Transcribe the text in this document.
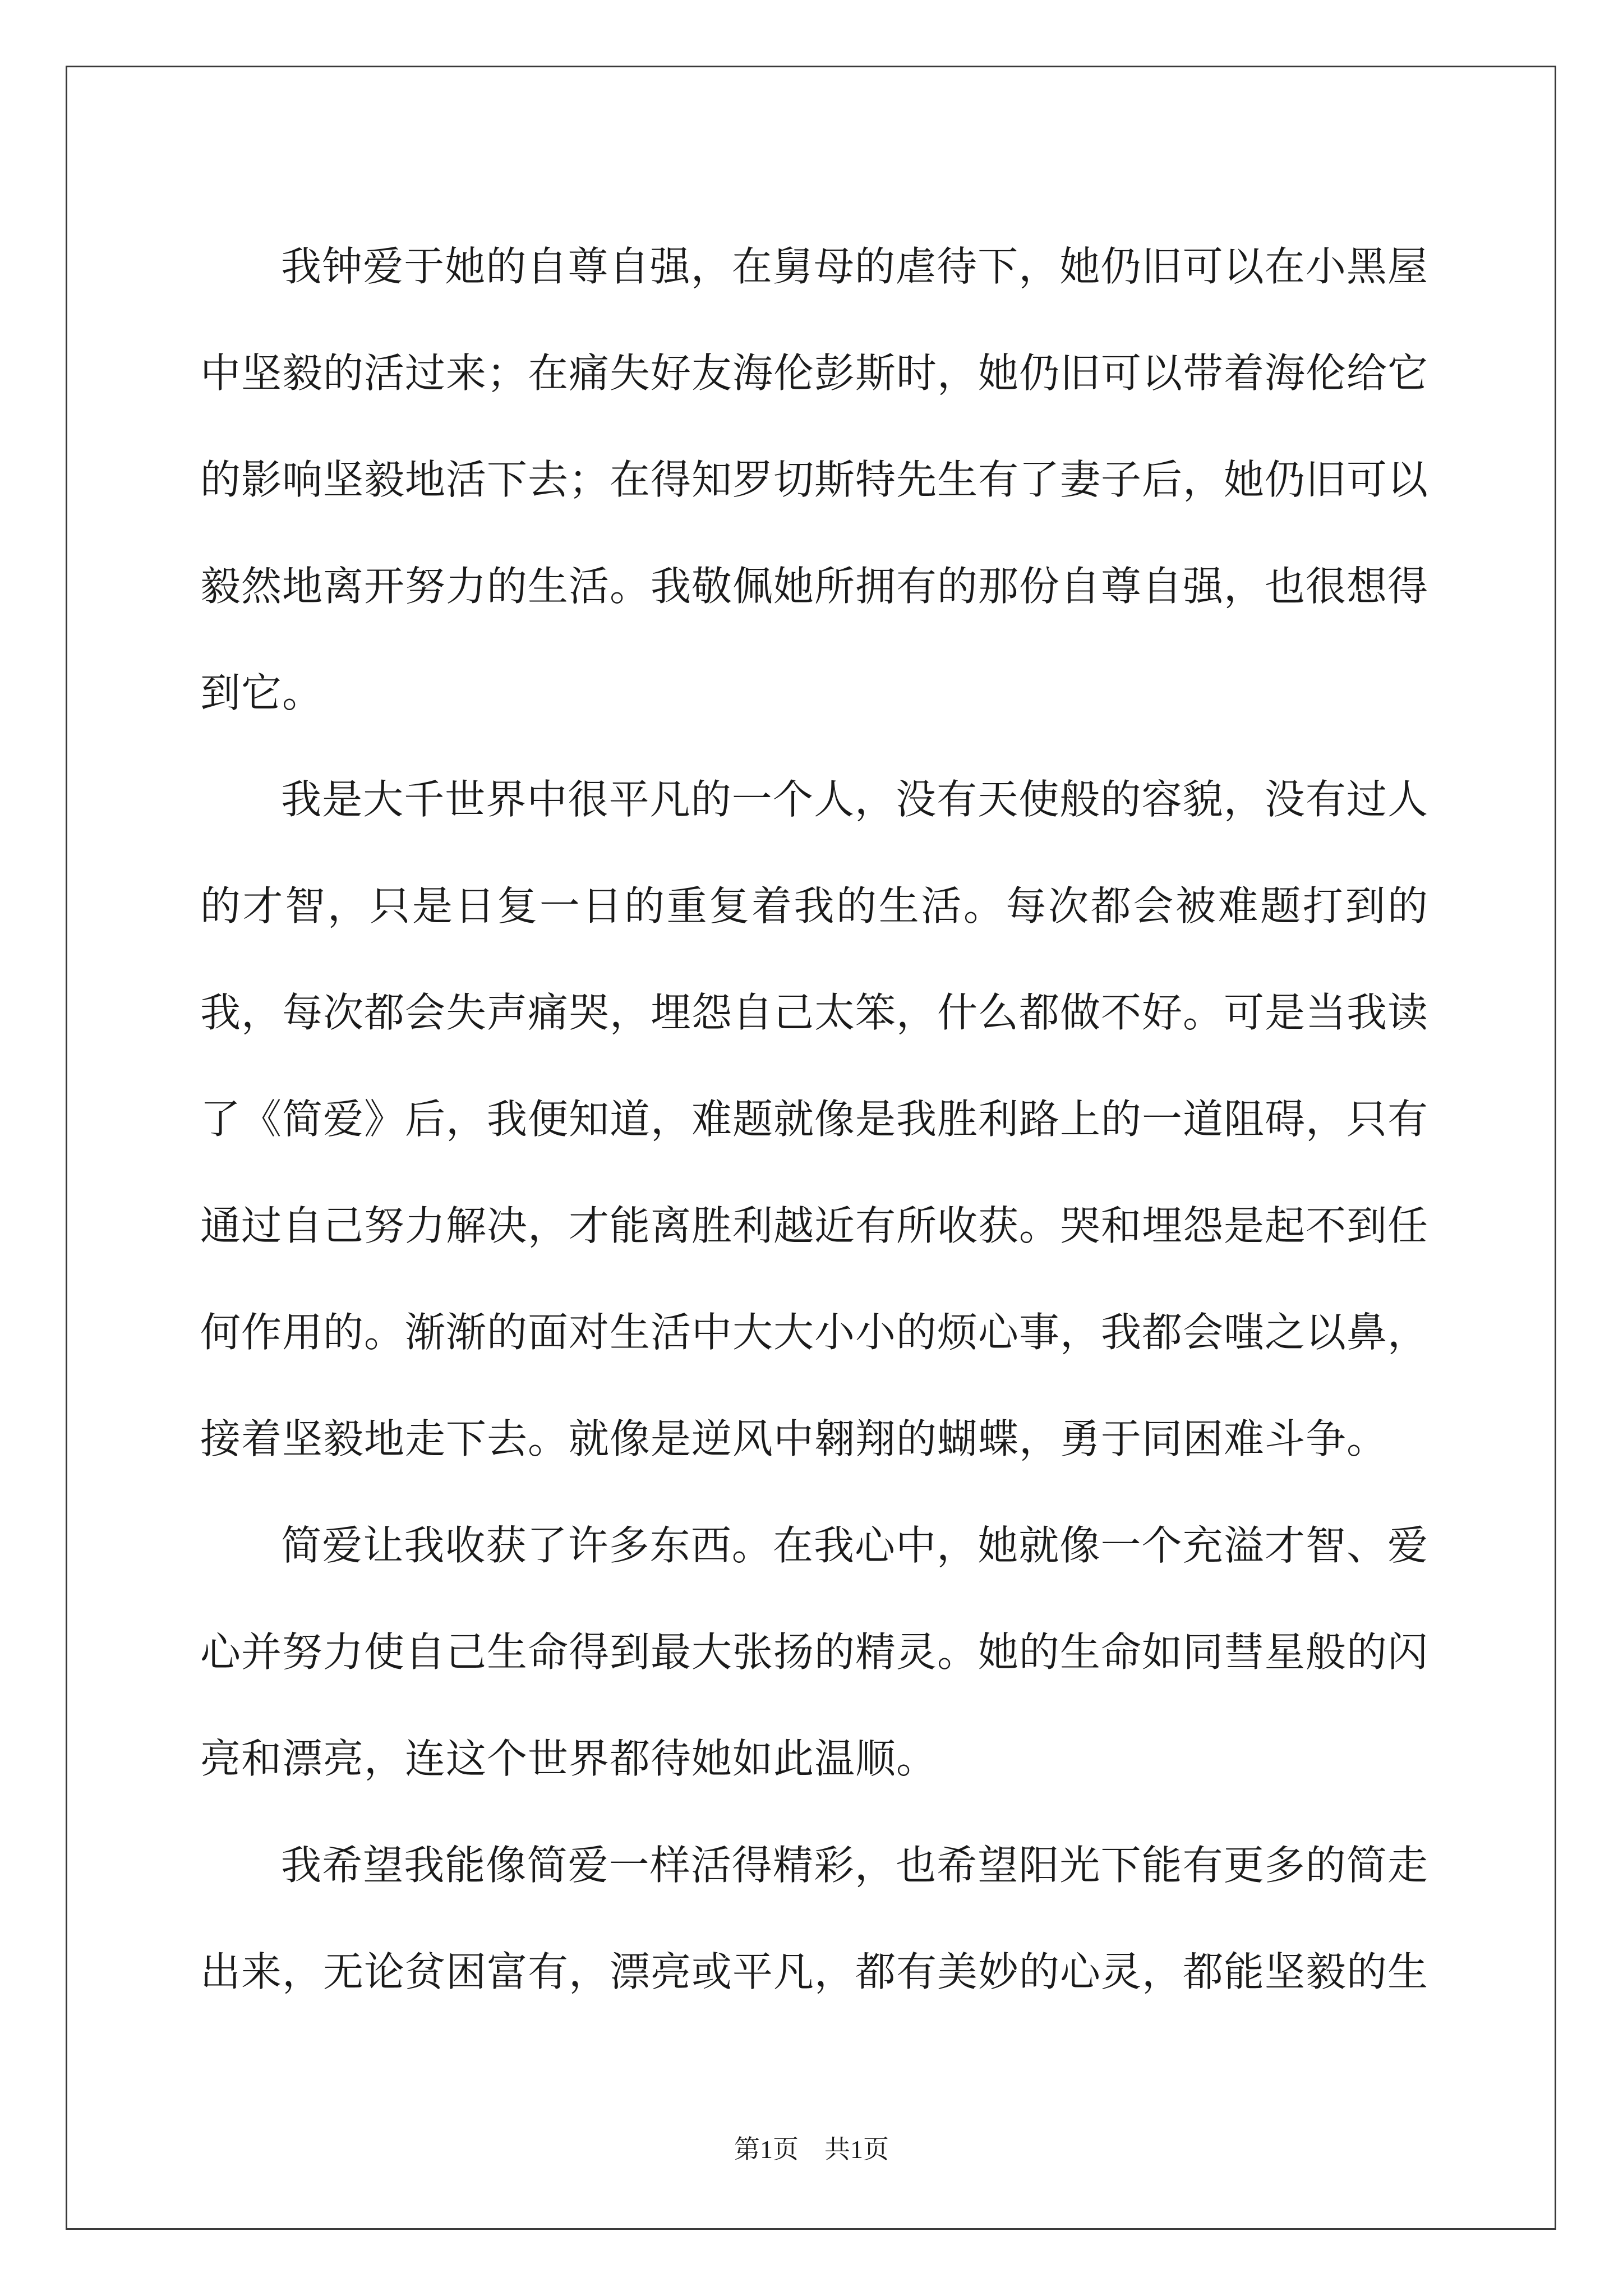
我钟爱于她的自尊自强，在舅母的虐待下，她仍旧可以在小黑屋中坚毅的活过来；在痛失好友海伦彭斯时，她仍旧可以带着海伦给它的影响坚毅地活下去；在得知罗切斯特先生有了妻子后，她仍旧可以毅然地离开努力的生活。我敬佩她所拥有的那份自尊自强，也很想得到它。

我是大千世界中很平凡的一个人，没有天使般的容貌，没有过人的才智，只是日复一日的重复着我的生活。每次都会被难题打到的我，每次都会失声痛哭，埋怨自己太笨，什么都做不好。可是当我读了《简爱》后，我便知道，难题就像是我胜利路上的一道阻碍，只有通过自己努力解决，才能离胜利越近有所收获。哭和埋怨是起不到任何作用的。渐渐的面对生活中大大小小的烦心事，我都会嗤之以鼻，接着坚毅地走下去。就像是逆风中翱翔的蝴蝶，勇于同困难斗争。

简爱让我收获了许多东西。在我心中，她就像一个充溢才智、爱心并努力使自己生命得到最大张扬的精灵。她的生命如同彗星般的闪亮和漂亮，连这个世界都待她如此温顺。

我希望我能像简爱一样活得精彩，也希望阳光下能有更多的简走出来，无论贫困富有，漂亮或平凡，都有美妙的心灵，都能坚毅的生

第1页 共1页
